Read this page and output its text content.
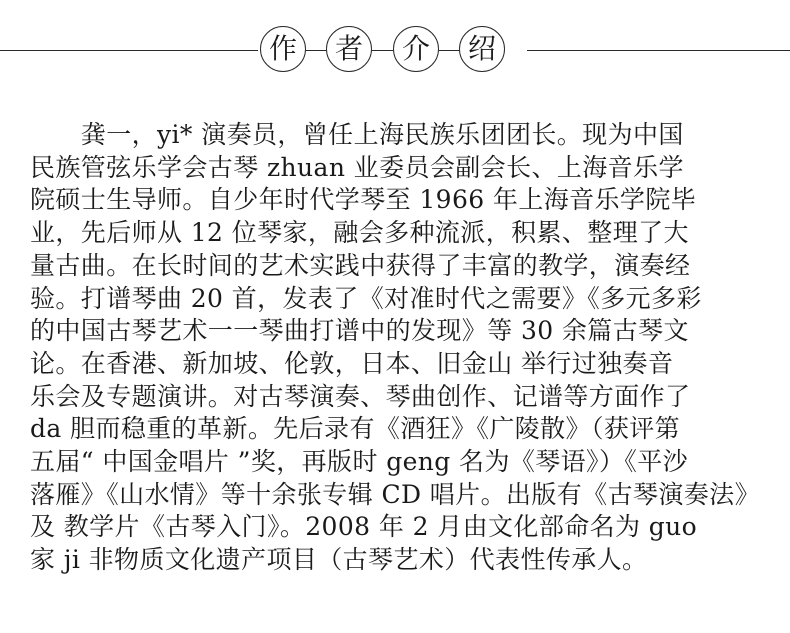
作	者	介	绍
　　龚一，yi* 演奏员，曾任上海民族乐团团长。现为中国
民族管弦乐学会古琴 zhuan 业委员会副会长、上海音乐学
院硕士生导师。自少年时代学琴至 1966 年上海音乐学院毕
业，先后师从 12 位琴家，融会多种流派，积累、整理了大
量古曲。在长时间的艺术实践中获得了丰富的教学，演奏经
验。打谱琴曲 20 首，发表了《对准时代之需要》《多元多彩
的中国古琴艺术一一琴曲打谱中的发现》等 30 余篇古琴文
论。在香港、新加坡、伦敦，日本、旧金山 举行过独奏音
乐会及专题演讲。对古琴演奏、琴曲创作、记谱等方面作了
da 胆而稳重的革新。先后录有《酒狂》《广陵散》（获评第
五届“ 中国金唱片 ”奖，再版时 geng 名为《琴语》）《平沙
落雁》《山水情》等十余张专辑 CD 唱片。出版有《古琴演奏法》
及 教学片《古琴入门》。2008 年 2 月由文化部命名为 guo
家 ji 非物质文化遗产项目（古琴艺术）代表性传承人。
